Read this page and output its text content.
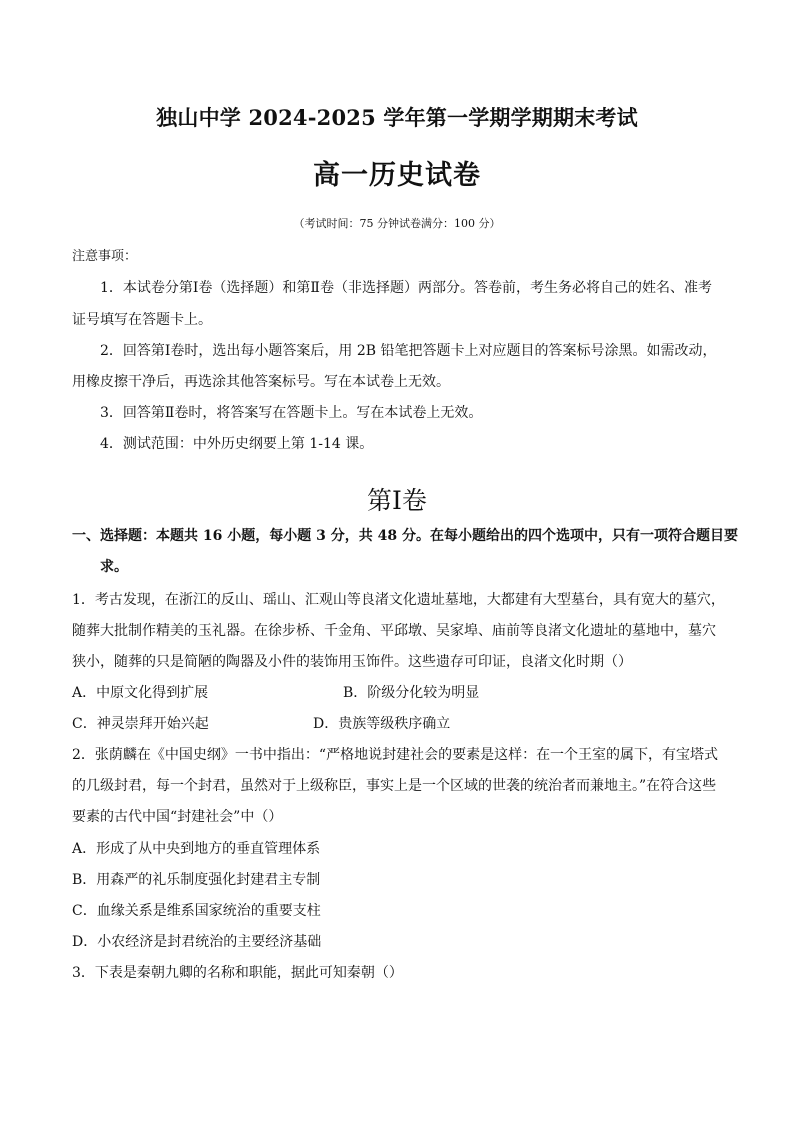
独山中学 2024-2025 学年第一学期学期期末考试
高一历史试卷
（考试时间：75 分钟试卷满分：100 分）
注意事项：
1．本试卷分第Ⅰ卷（选择题）和第Ⅱ卷（非选择题）两部分。答卷前，考生务必将自己的姓名、准考
证号填写在答题卡上。
2．回答第Ⅰ卷时，选出每小题答案后，用 2B 铅笔把答题卡上对应题目的答案标号涂黑。如需改动，
用橡皮擦干净后，再选涂其他答案标号。写在本试卷上无效。
3．回答第Ⅱ卷时，将答案写在答题卡上。写在本试卷上无效。
4．测试范围：中外历史纲要上第 1-14 课。
第Ⅰ卷
一、选择题：本题共 16 小题，每小题 3 分，共 48 分。在每小题给出的四个选项中，只有一项符合题目要
求。
1．考古发现，在浙江的反山、瑶山、汇观山等良渚文化遗址墓地，大都建有大型墓台，具有宽大的墓穴，
随葬大批制作精美的玉礼器。在徐步桥、千金角、平邱墩、吴家埠、庙前等良渚文化遗址的墓地中，墓穴
狭小，随葬的只是简陋的陶器及小件的装饰用玉饰件。这些遗存可印证，良渚文化时期（）
A．中原文化得到扩展	B．阶级分化较为明显
C．神灵崇拜开始兴起	D．贵族等级秩序确立
2．张荫麟在《中国史纲》一书中指出：“严格地说封建社会的要素是这样：在一个王室的属下，有宝塔式
的几级封君，每一个封君，虽然对于上级称臣，事实上是一个区域的世袭的统治者而兼地主。”在符合这些
要素的古代中国“封建社会”中（）
A．形成了从中央到地方的垂直管理体系
B．用森严的礼乐制度强化封建君主专制
C．血缘关系是维系国家统治的重要支柱
D．小农经济是封君统治的主要经济基础
3．下表是秦朝九卿的名称和职能，据此可知秦朝（）
